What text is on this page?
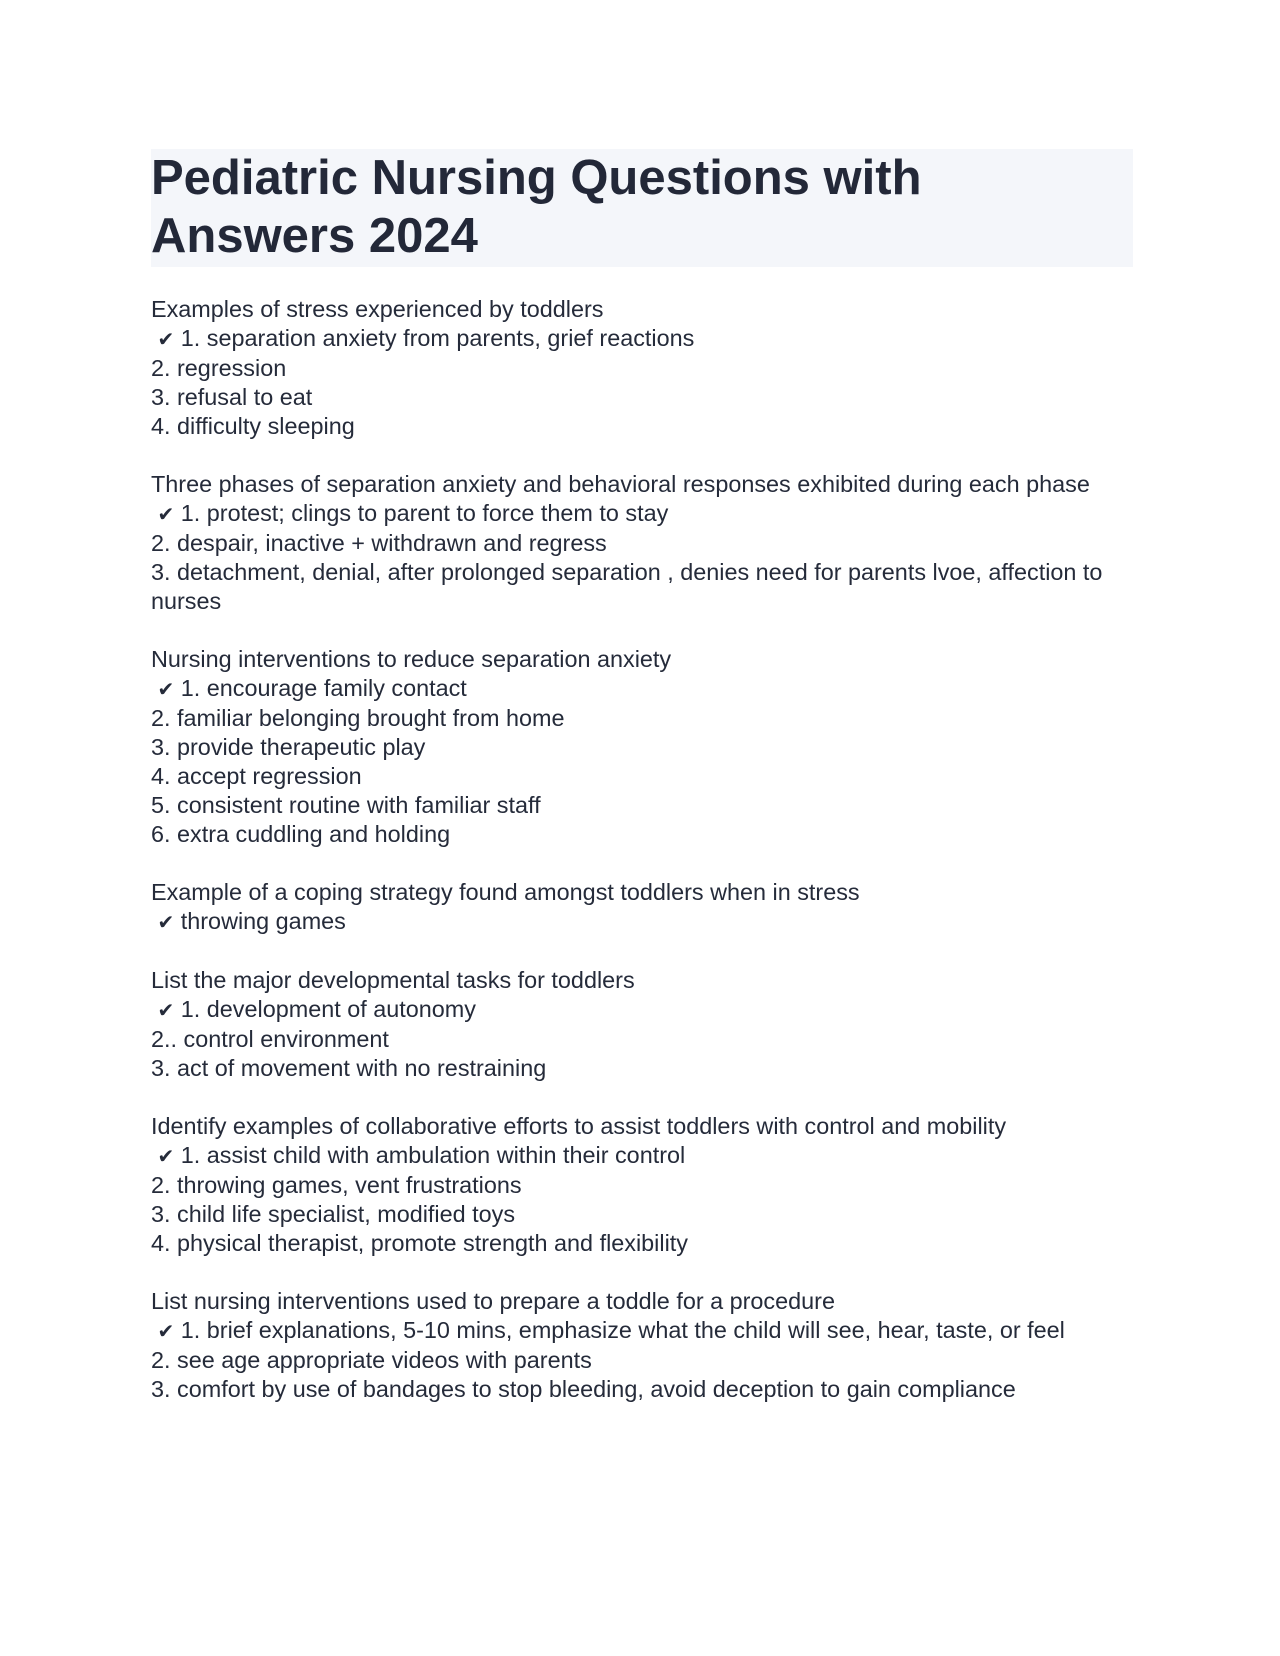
Pediatric Nursing Questions with Answers 2024
Examples of stress experienced by toddlers
✔ 1. separation anxiety from parents, grief reactions
2. regression
3. refusal to eat
4. difficulty sleeping
Three phases of separation anxiety and behavioral responses exhibited during each phase
✔ 1. protest; clings to parent to force them to stay
2. despair, inactive + withdrawn and regress
3. detachment, denial, after prolonged separation , denies need for parents lvoe, affection to nurses
Nursing interventions to reduce separation anxiety
✔ 1. encourage family contact
2. familiar belonging brought from home
3. provide therapeutic play
4. accept regression
5. consistent routine with familiar staff
6. extra cuddling and holding
Example of a coping strategy found amongst toddlers when in stress
✔ throwing games
List the major developmental tasks for toddlers
✔ 1. development of autonomy
2.. control environment
3. act of movement with no restraining
Identify examples of collaborative efforts to assist toddlers with control and mobility
✔ 1. assist child with ambulation within their control
2. throwing games, vent frustrations
3. child life specialist, modified toys
4. physical therapist, promote strength and flexibility
List nursing interventions used to prepare a toddle for a procedure
✔ 1. brief explanations, 5-10 mins, emphasize what the child will see, hear, taste, or feel
2. see age appropriate videos with parents
3. comfort by use of bandages to stop bleeding, avoid deception to gain compliance
